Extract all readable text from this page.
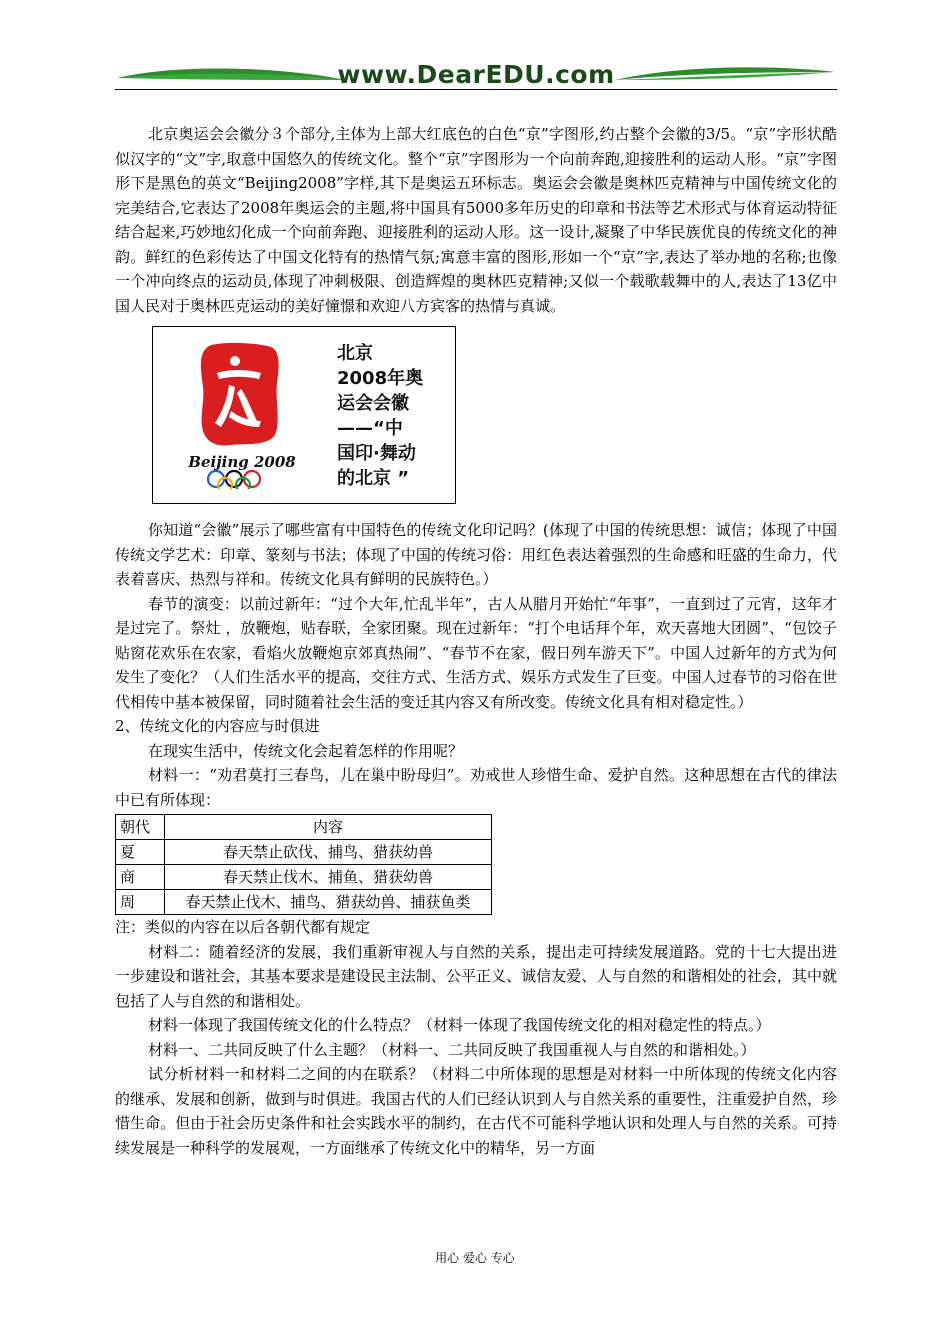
www.DearEDU.com

北京奥运会会徽分３个部分,主体为上部大红底色的白色“京”字图形,约占整个会徽的3/5。“京”字形状酷似汉字的“文”字,取意中国悠久的传统文化。整个“京”字图形为一个向前奔跑,迎接胜利的运动人形。“京”字图形下是黑色的英文“Beijing2008”字样,其下是奥运五环标志。奥运会会徽是奥林匹克精神与中国传统文化的完美结合,它表达了2008年奥运会的主题,将中国具有5000多年历史的印章和书法等艺术形式与体育运动特征结合起来,巧妙地幻化成一个向前奔跑、迎接胜利的运动人形。这一设计,凝聚了中华民族优良的传统文化的神韵。鲜红的色彩传达了中国文化特有的热情气氛;寓意丰富的图形,形如一个“京”字,表达了举办地的名称;也像一个冲向终点的运动员,体现了冲刺极限、创造辉煌的奥林匹克精神;又似一个载歌载舞中的人,表达了13亿中国人民对于奥林匹克运动的美好憧憬和欢迎八方宾客的热情与真诚。

Beijing 2008
北京
2008年奥
运会会徽
——“中
国印·舞动
的北京 ”

你知道“会徽”展示了哪些富有中国特色的传统文化印记吗？(体现了中国的传统思想：诚信；体现了中国传统文学艺术：印章、篆刻与书法；体现了中国的传统习俗：用红色表达着强烈的生命感和旺盛的生命力，代表着喜庆、热烈与祥和。传统文化具有鲜明的民族特色。）

春节的演变：以前过新年：“过个大年,忙乱半年”，古人从腊月开始忙“年事”，一直到过了元宵，这年才是过完了。祭灶 ，放鞭炮，贴春联，全家团聚。现在过新年：“打个电话拜个年，欢天喜地大团圆”、“包饺子贴窗花欢乐在农家，看焰火放鞭炮京郊真热闹”、“春节不在家，假日列车游天下”。中国人过新年的方式为何发生了变化？（人们生活水平的提高，交往方式、生活方式、娱乐方式发生了巨变。中国人过春节的习俗在世代相传中基本被保留，同时随着社会生活的变迁其内容又有所改变。传统文化具有相对稳定性。）

2、传统文化的内容应与时俱进

在现实生活中，传统文化会起着怎样的作用呢？

材料一：“劝君莫打三春鸟，儿在巢中盼母归”。劝戒世人珍惜生命、爱护自然。这种思想在古代的律法中已有所体现：

朝代	内容
夏	春天禁止砍伐、捕鸟、猎获幼兽
商	春天禁止伐木、捕鱼、猎获幼兽
周	春天禁止伐木、捕鸟、猎获幼兽、捕获鱼类

注：类似的内容在以后各朝代都有规定

材料二：随着经济的发展，我们重新审视人与自然的关系，提出走可持续发展道路。党的十七大提出进一步建设和谐社会，其基本要求是建设民主法制、公平正义、诚信友爱、人与自然的和谐相处的社会，其中就包括了人与自然的和谐相处。

材料一体现了我国传统文化的什么特点？（材料一体现了我国传统文化的相对稳定性的特点。）

材料一、二共同反映了什么主题？（材料一、二共同反映了我国重视人与自然的和谐相处。）

试分析材料一和材料二之间的内在联系？（材料二中所体现的思想是对材料一中所体现的传统文化内容的继承、发展和创新，做到与时俱进。我国古代的人们已经认识到人与自然关系的重要性，注重爱护自然，珍惜生命。但由于社会历史条件和社会实践水平的制约，在古代不可能科学地认识和处理人与自然的关系。可持续发展是一种科学的发展观，一方面继承了传统文化中的精华，另一方面

用心 爱心 专心
